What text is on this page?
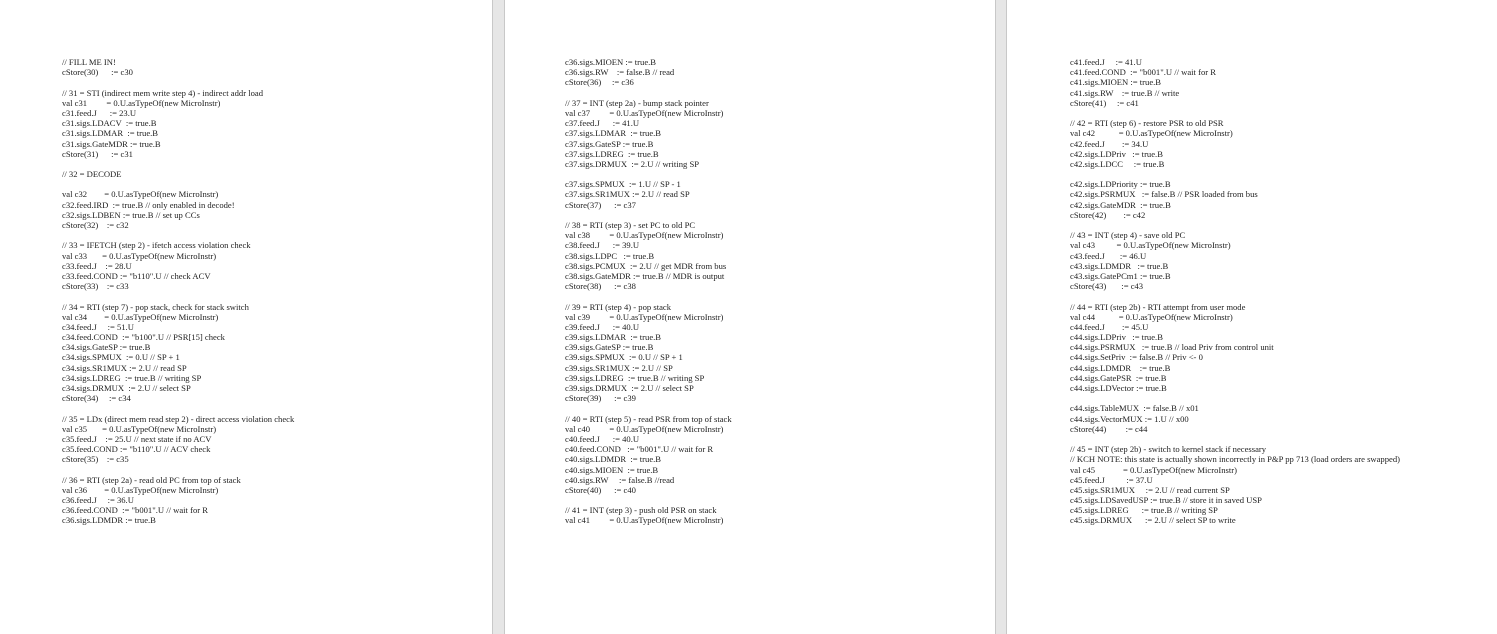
// FILL ME IN!
cStore(30)      := c30
// 31 = STI (indirect mem write step 4) - indirect addr load
val c31         = 0.U.asTypeOf(new MicroInstr)
c31.feed.J      := 23.U
c31.sigs.LDACV  := true.B
c31.sigs.LDMAR  := true.B
c31.sigs.GateMDR := true.B
cStore(31)      := c31
// 32 = DECODE
val c32        = 0.U.asTypeOf(new MicroInstr)
c32.feed.IRD  := true.B // only enabled in decode!
c32.sigs.LDBEN := true.B // set up CCs
cStore(32)    := c32
// 33 = IFETCH (step 2) - ifetch access violation check
val c33       = 0.U.asTypeOf(new MicroInstr)
c33.feed.J    := 28.U
c33.feed.COND := "b110".U // check ACV
cStore(33)    := c33
// 34 = RTI (step 7) - pop stack, check for stack switch
val c34        = 0.U.asTypeOf(new MicroInstr)
c34.feed.J     := 51.U
c34.feed.COND  := "b100".U // PSR[15] check
c34.sigs.GateSP := true.B
c34.sigs.SPMUX  := 0.U // SP + 1
c34.sigs.SR1MUX := 2.U // read SP
c34.sigs.LDREG  := true.B // writing SP
c34.sigs.DRMUX  := 2.U // select SP
cStore(34)     := c34
// 35 = LDx (direct mem read step 2) - direct access violation check
val c35       = 0.U.asTypeOf(new MicroInstr)
c35.feed.J    := 25.U // next state if no ACV
c35.feed.COND := "b110".U // ACV check
cStore(35)    := c35
// 36 = RTI (step 2a) - read old PC from top of stack
val c36        = 0.U.asTypeOf(new MicroInstr)
c36.feed.J     := 36.U
c36.feed.COND  := "b001".U // wait for R
c36.sigs.LDMDR := true.B
c36.sigs.MIOEN := true.B
c36.sigs.RW    := false.B // read
cStore(36)     := c36
// 37 = INT (step 2a) - bump stack pointer
val c37         = 0.U.asTypeOf(new MicroInstr)
c37.feed.J      := 41.U
c37.sigs.LDMAR  := true.B
c37.sigs.GateSP := true.B
c37.sigs.LDREG  := true.B
c37.sigs.DRMUX  := 2.U // writing SP
c37.sigs.SPMUX  := 1.U // SP - 1
c37.sigs.SR1MUX := 2.U // read SP
cStore(37)      := c37
// 38 = RTI (step 3) - set PC to old PC
val c38         = 0.U.asTypeOf(new MicroInstr)
c38.feed.J      := 39.U
c38.sigs.LDPC   := true.B
c38.sigs.PCMUX  := 2.U // get MDR from bus
c38.sigs.GateMDR := true.B // MDR is output
cStore(38)      := c38
// 39 = RTI (step 4) - pop stack
val c39         = 0.U.asTypeOf(new MicroInstr)
c39.feed.J      := 40.U
c39.sigs.LDMAR  := true.B
c39.sigs.GateSP := true.B
c39.sigs.SPMUX  := 0.U // SP + 1
c39.sigs.SR1MUX := 2.U // SP
c39.sigs.LDREG  := true.B // writing SP
c39.sigs.DRMUX  := 2.U // select SP
cStore(39)      := c39
// 40 = RTI (step 5) - read PSR from top of stack
val c40         = 0.U.asTypeOf(new MicroInstr)
c40.feed.J      := 40.U
c40.feed.COND   := "b001".U // wait for R
c40.sigs.LDMDR  := true.B
c40.sigs.MIOEN  := true.B
c40.sigs.RW     := false.B //read
cStore(40)      := c40
// 41 = INT (step 3) - push old PSR on stack
val c41         = 0.U.asTypeOf(new MicroInstr)
c41.feed.J     := 41.U
c41.feed.COND  := "b001".U // wait for R
c41.sigs.MIOEN := true.B
c41.sigs.RW    := true.B // write
cStore(41)     := c41
// 42 = RTI (step 6) - restore PSR to old PSR
val c42           = 0.U.asTypeOf(new MicroInstr)
c42.feed.J        := 34.U
c42.sigs.LDPriv   := true.B
c42.sigs.LDCC     := true.B
c42.sigs.LDPriority := true.B
c42.sigs.PSRMUX   := false.B // PSR loaded from bus
c42.sigs.GateMDR  := true.B
cStore(42)        := c42
// 43 = INT (step 4) - save old PC
val c43          = 0.U.asTypeOf(new MicroInstr)
c43.feed.J       := 46.U
c43.sigs.LDMDR   := true.B
c43.sigs.GatePCm1 := true.B
cStore(43)       := c43
// 44 = RTI (step 2b) - RTI attempt from user mode
val c44           = 0.U.asTypeOf(new MicroInstr)
c44.feed.J        := 45.U
c44.sigs.LDPriv   := true.B
c44.sigs.PSRMUX   := true.B // load Priv from control unit
c44.sigs.SetPriv  := false.B // Priv <- 0
c44.sigs.LDMDR    := true.B
c44.sigs.GatePSR  := true.B
c44.sigs.LDVector := true.B
c44.sigs.TableMUX  := false.B // x01
c44.sigs.VectorMUX := 1.U // x00
cStore(44)         := c44
// 45 = INT (step 2b) - switch to kernel stack if necessary
// KCH NOTE: this state is actually shown incorrectly in P&P pp 713 (load orders are swapped)
val c45             = 0.U.asTypeOf(new MicroInstr)
c45.feed.J          := 37.U
c45.sigs.SR1MUX     := 2.U // read current SP
c45.sigs.LDSavedUSP := true.B // store it in saved USP
c45.sigs.LDREG      := true.B // writing SP
c45.sigs.DRMUX      := 2.U // select SP to write
